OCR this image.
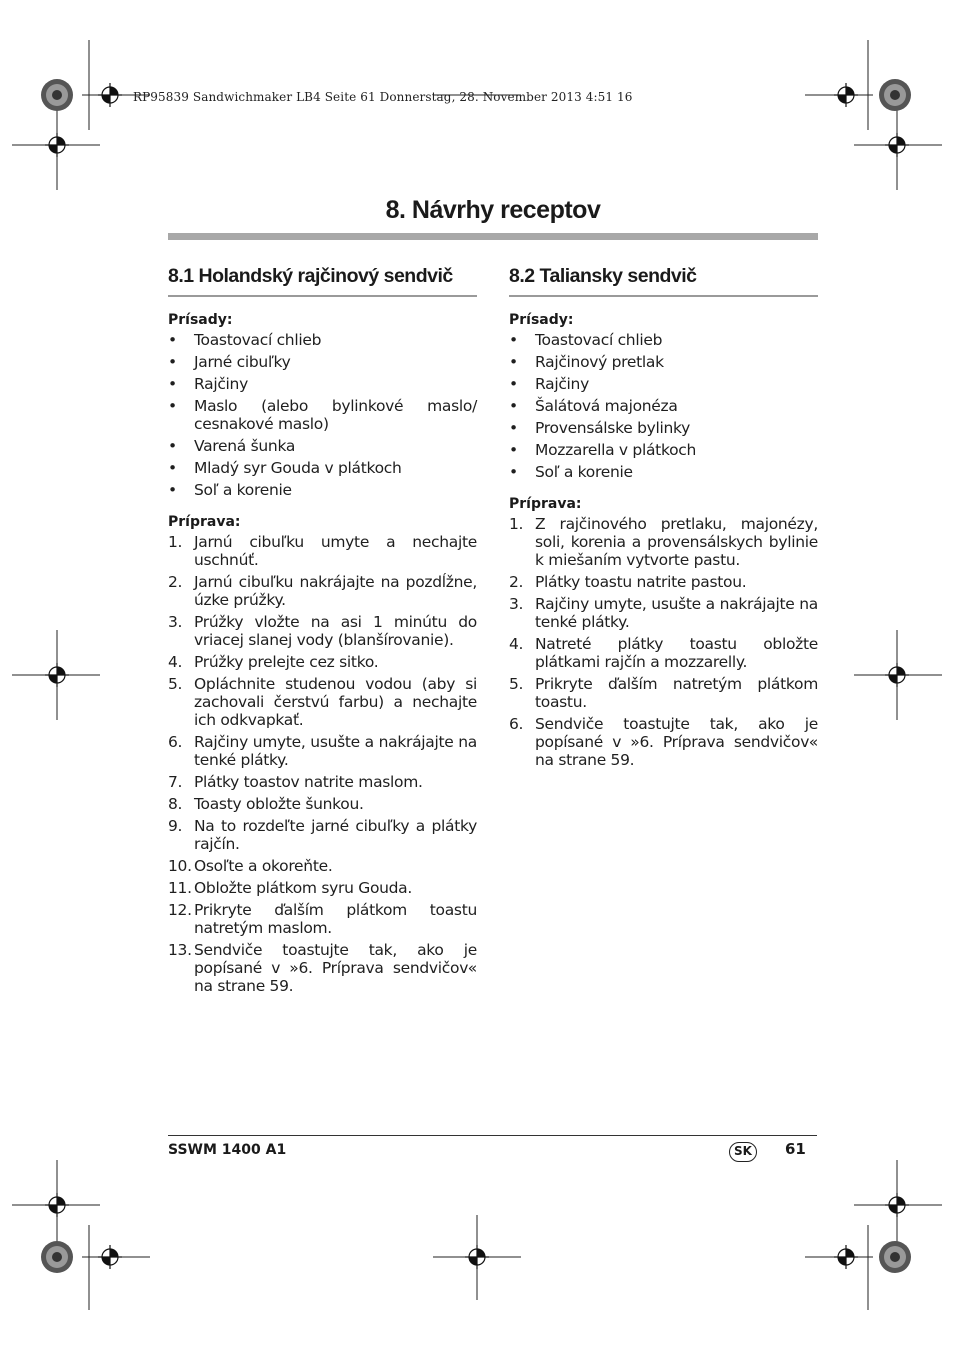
RP95839 Sandwichmaker LB4 Seite 61 Donnerstag, 28. November 2013 4:51 16
8. Návrhy receptov
8.1 Holandský rajčinový sendvič
Prísady:
• Toastovací chlieb
• Jarné cibuľky
• Rajčiny
• Maslo (alebo bylinkové maslo/ cesnakové maslo)
• Varená šunka
• Mladý syr Gouda v plátkoch
• Soľ a korenie
Príprava:
1. Jarnú cibuľku umyte a nechajte uschnúť.
2. Jarnú cibuľku nakrájajte na pozdĺžne, úzke prúžky.
3. Prúžky vložte na asi 1 minútu do vriacej slanej vody (blanšírovanie).
4. Prúžky prelejte cez sitko.
5. Opláchnite studenou vodou (aby si zachovali čerstvú farbu) a nechajte ich odkvapkať.
6. Rajčiny umyte, usušte a nakrájajte na tenké plátky.
7. Plátky toastov natrite maslom.
8. Toasty obložte šunkou.
9. Na to rozdeľte jarné cibuľky a plátky rajčín.
10. Osoľte a okoreňte.
11. Obložte plátkom syru Gouda.
12. Prikryte ďalším plátkom toastu natretým maslom.
13. Sendviče toastujte tak, ako je popísané v »6. Príprava sendvičov« na strane 59.
8.2 Taliansky sendvič
Prísady:
• Toastovací chlieb
• Rajčinový pretlak
• Rajčiny
• Šalátová majonéza
• Provensálske bylinky
• Mozzarella v plátkoch
• Soľ a korenie
Príprava:
1. Z rajčinového pretlaku, majonézy, soli, korenia a provensálskych bylinie k miešaním vytvorte pastu.
2. Plátky toastu natrite pastou.
3. Rajčiny umyte, usušte a nakrájajte na tenké plátky.
4. Natreté plátky toastu obložte plátkami rajčín a mozzarelly.
5. Prikryte ďalším natretým plátkom toastu.
6. Sendviče toastujte tak, ako je popísané v »6. Príprava sendvičov« na strane 59.
SSWM 1400 A1	SK	61
